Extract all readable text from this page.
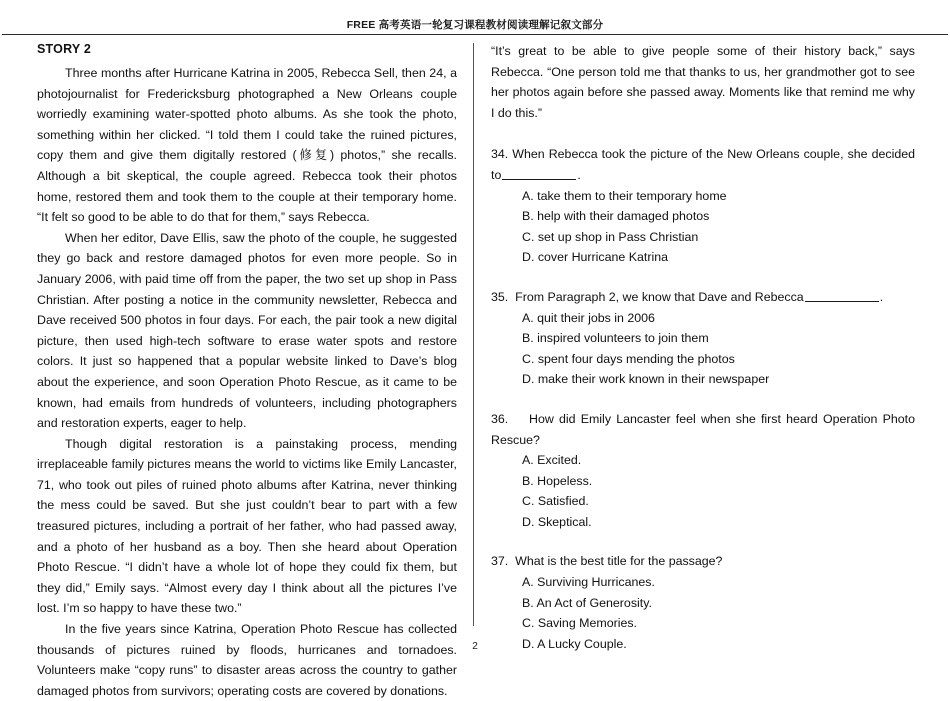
FREE 高考英语一轮复习课程教材阅读理解记叙文部分
STORY 2

Three months after Hurricane Katrina in 2005, Rebecca Sell, then 24, a photojournalist for Fredericksburg photographed a New Orleans couple worriedly examining water-spotted photo albums. As she took the photo, something within her clicked. “I told them I could take the ruined pictures, copy them and give them digitally restored (修复) photos,” she recalls. Although a bit skeptical, the couple agreed. Rebecca took their photos home, restored them and took them to the couple at their temporary home. “It felt so good to be able to do that for them,” says Rebecca.

When her editor, Dave Ellis, saw the photo of the couple, he suggested they go back and restore damaged photos for even more people. So in January 2006, with paid time off from the paper, the two set up shop in Pass Christian. After posting a notice in the community newsletter, Rebecca and Dave received 500 photos in four days. For each, the pair took a new digital picture, then used high-tech software to erase water spots and restore colors. It just so happened that a popular website linked to Dave’s blog about the experience, and soon Operation Photo Rescue, as it came to be known, had emails from hundreds of volunteers, including photographers and restoration experts, eager to help.

Though digital restoration is a painstaking process, mending irreplaceable family pictures means the world to victims like Emily Lancaster, 71, who took out piles of ruined photo albums after Katrina, never thinking the mess could be saved. But she just couldn’t bear to part with a few treasured pictures, including a portrait of her father, who had passed away, and a photo of her husband as a boy. Then she heard about Operation Photo Rescue. “I didn’t have a whole lot of hope they could fix them, but they did,” Emily says. “Almost every day I think about all the pictures I’ve lost. I’m so happy to have these two.”

In the five years since Katrina, Operation Photo Rescue has collected thousands of pictures ruined by floods, hurricanes and tornadoes. Volunteers make “copy runs” to disaster areas across the country to gather damaged photos from survivors; operating costs are covered by donations.

“It’s great to be able to give people some of their history back,” says Rebecca. “One person told me that thanks to us, her grandmother got to see her photos again before she passed away. Moments like that remind me why I do this.”

34. When Rebecca took the picture of the New Orleans couple, she decided to	.

A. take them to their temporary home

B. help with their damaged photos

C. set up shop in Pass Christian

D. cover Hurricane Katrina

35. From Paragraph 2, we know that Dave and Rebecca	.

A. quit their jobs in 2006

B. inspired volunteers to join them

C. spent four days mending the photos

D. make their work known in their newspaper

36. How did Emily Lancaster feel when she first heard Operation Photo Rescue?

A. Excited.

B. Hopeless.

C. Satisfied.

D. Skeptical.

37. What is the best title for the passage?

A. Surviving Hurricanes.

B. An Act of Generosity.

C. Saving Memories.

D. A Lucky Couple.

2
